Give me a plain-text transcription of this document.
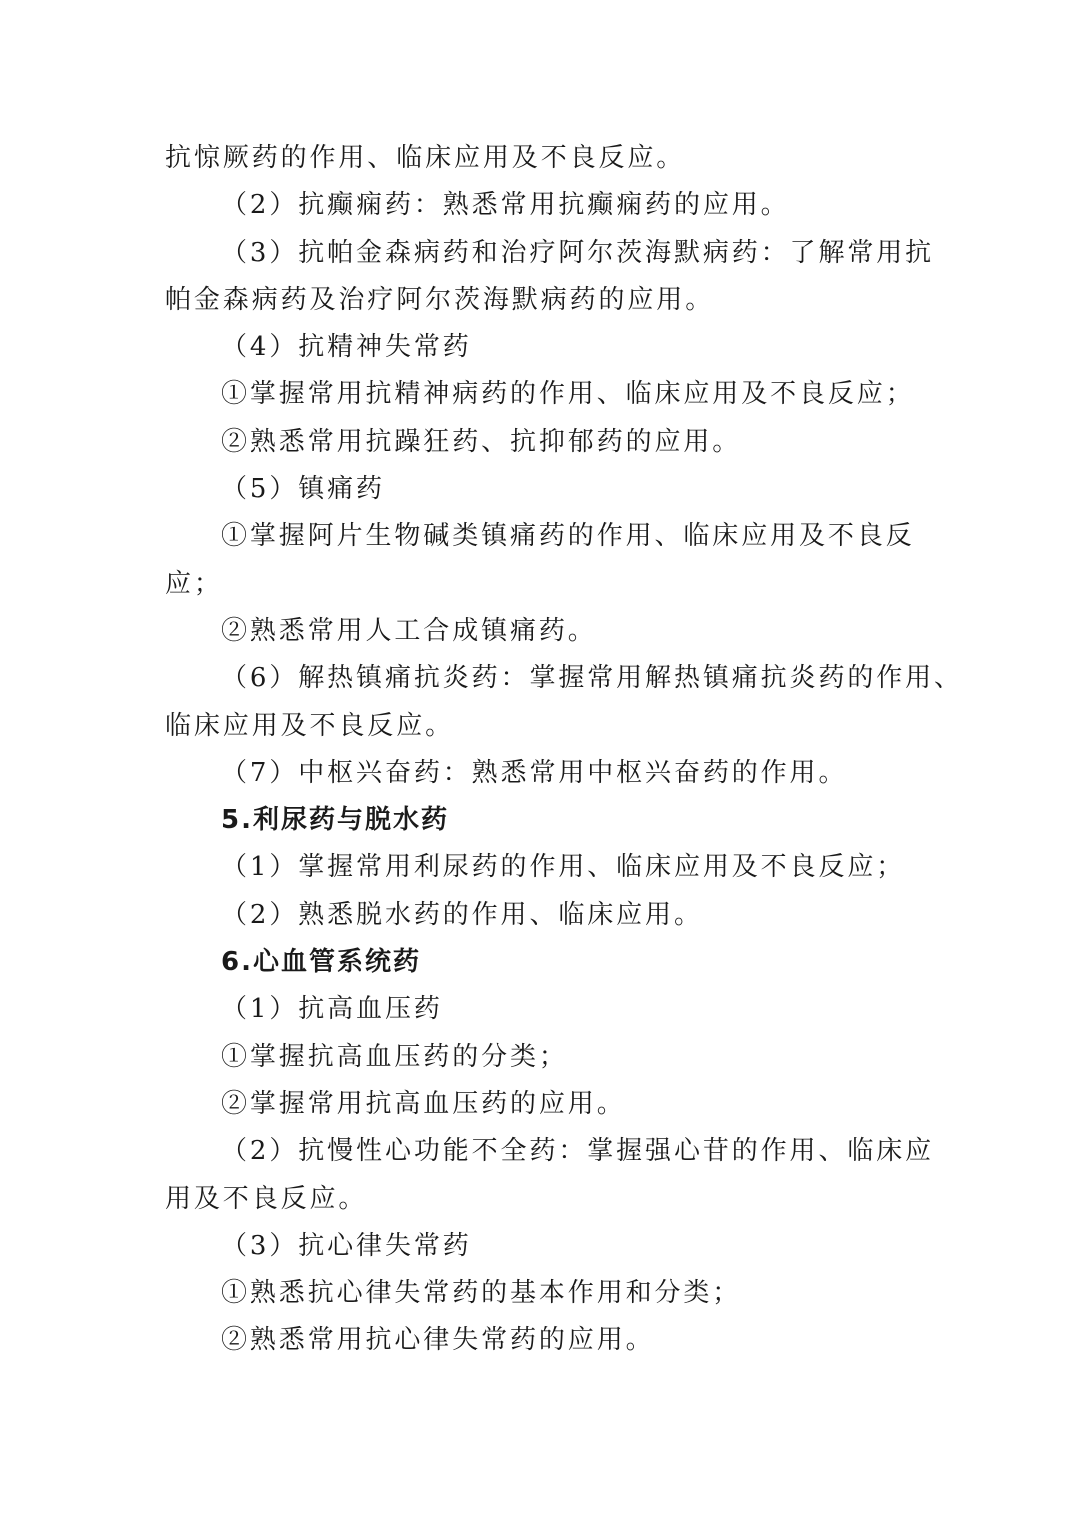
抗惊厥药的作用、临床应用及不良反应。
（2）抗癫痫药：熟悉常用抗癫痫药的应用。
（3）抗帕金森病药和治疗阿尔茨海默病药：了解常用抗
帕金森病药及治疗阿尔茨海默病药的应用。
（4）抗精神失常药
①掌握常用抗精神病药的作用、临床应用及不良反应；
②熟悉常用抗躁狂药、抗抑郁药的应用。
（5）镇痛药
①掌握阿片生物碱类镇痛药的作用、临床应用及不良反
应；
②熟悉常用人工合成镇痛药。
（6）解热镇痛抗炎药：掌握常用解热镇痛抗炎药的作用、
临床应用及不良反应。
（7）中枢兴奋药：熟悉常用中枢兴奋药的作用。
5.利尿药与脱水药
（1）掌握常用利尿药的作用、临床应用及不良反应；
（2）熟悉脱水药的作用、临床应用。
6.心血管系统药
（1）抗高血压药
①掌握抗高血压药的分类；
②掌握常用抗高血压药的应用。
（2）抗慢性心功能不全药：掌握强心苷的作用、临床应
用及不良反应。
（3）抗心律失常药
①熟悉抗心律失常药的基本作用和分类；
②熟悉常用抗心律失常药的应用。
